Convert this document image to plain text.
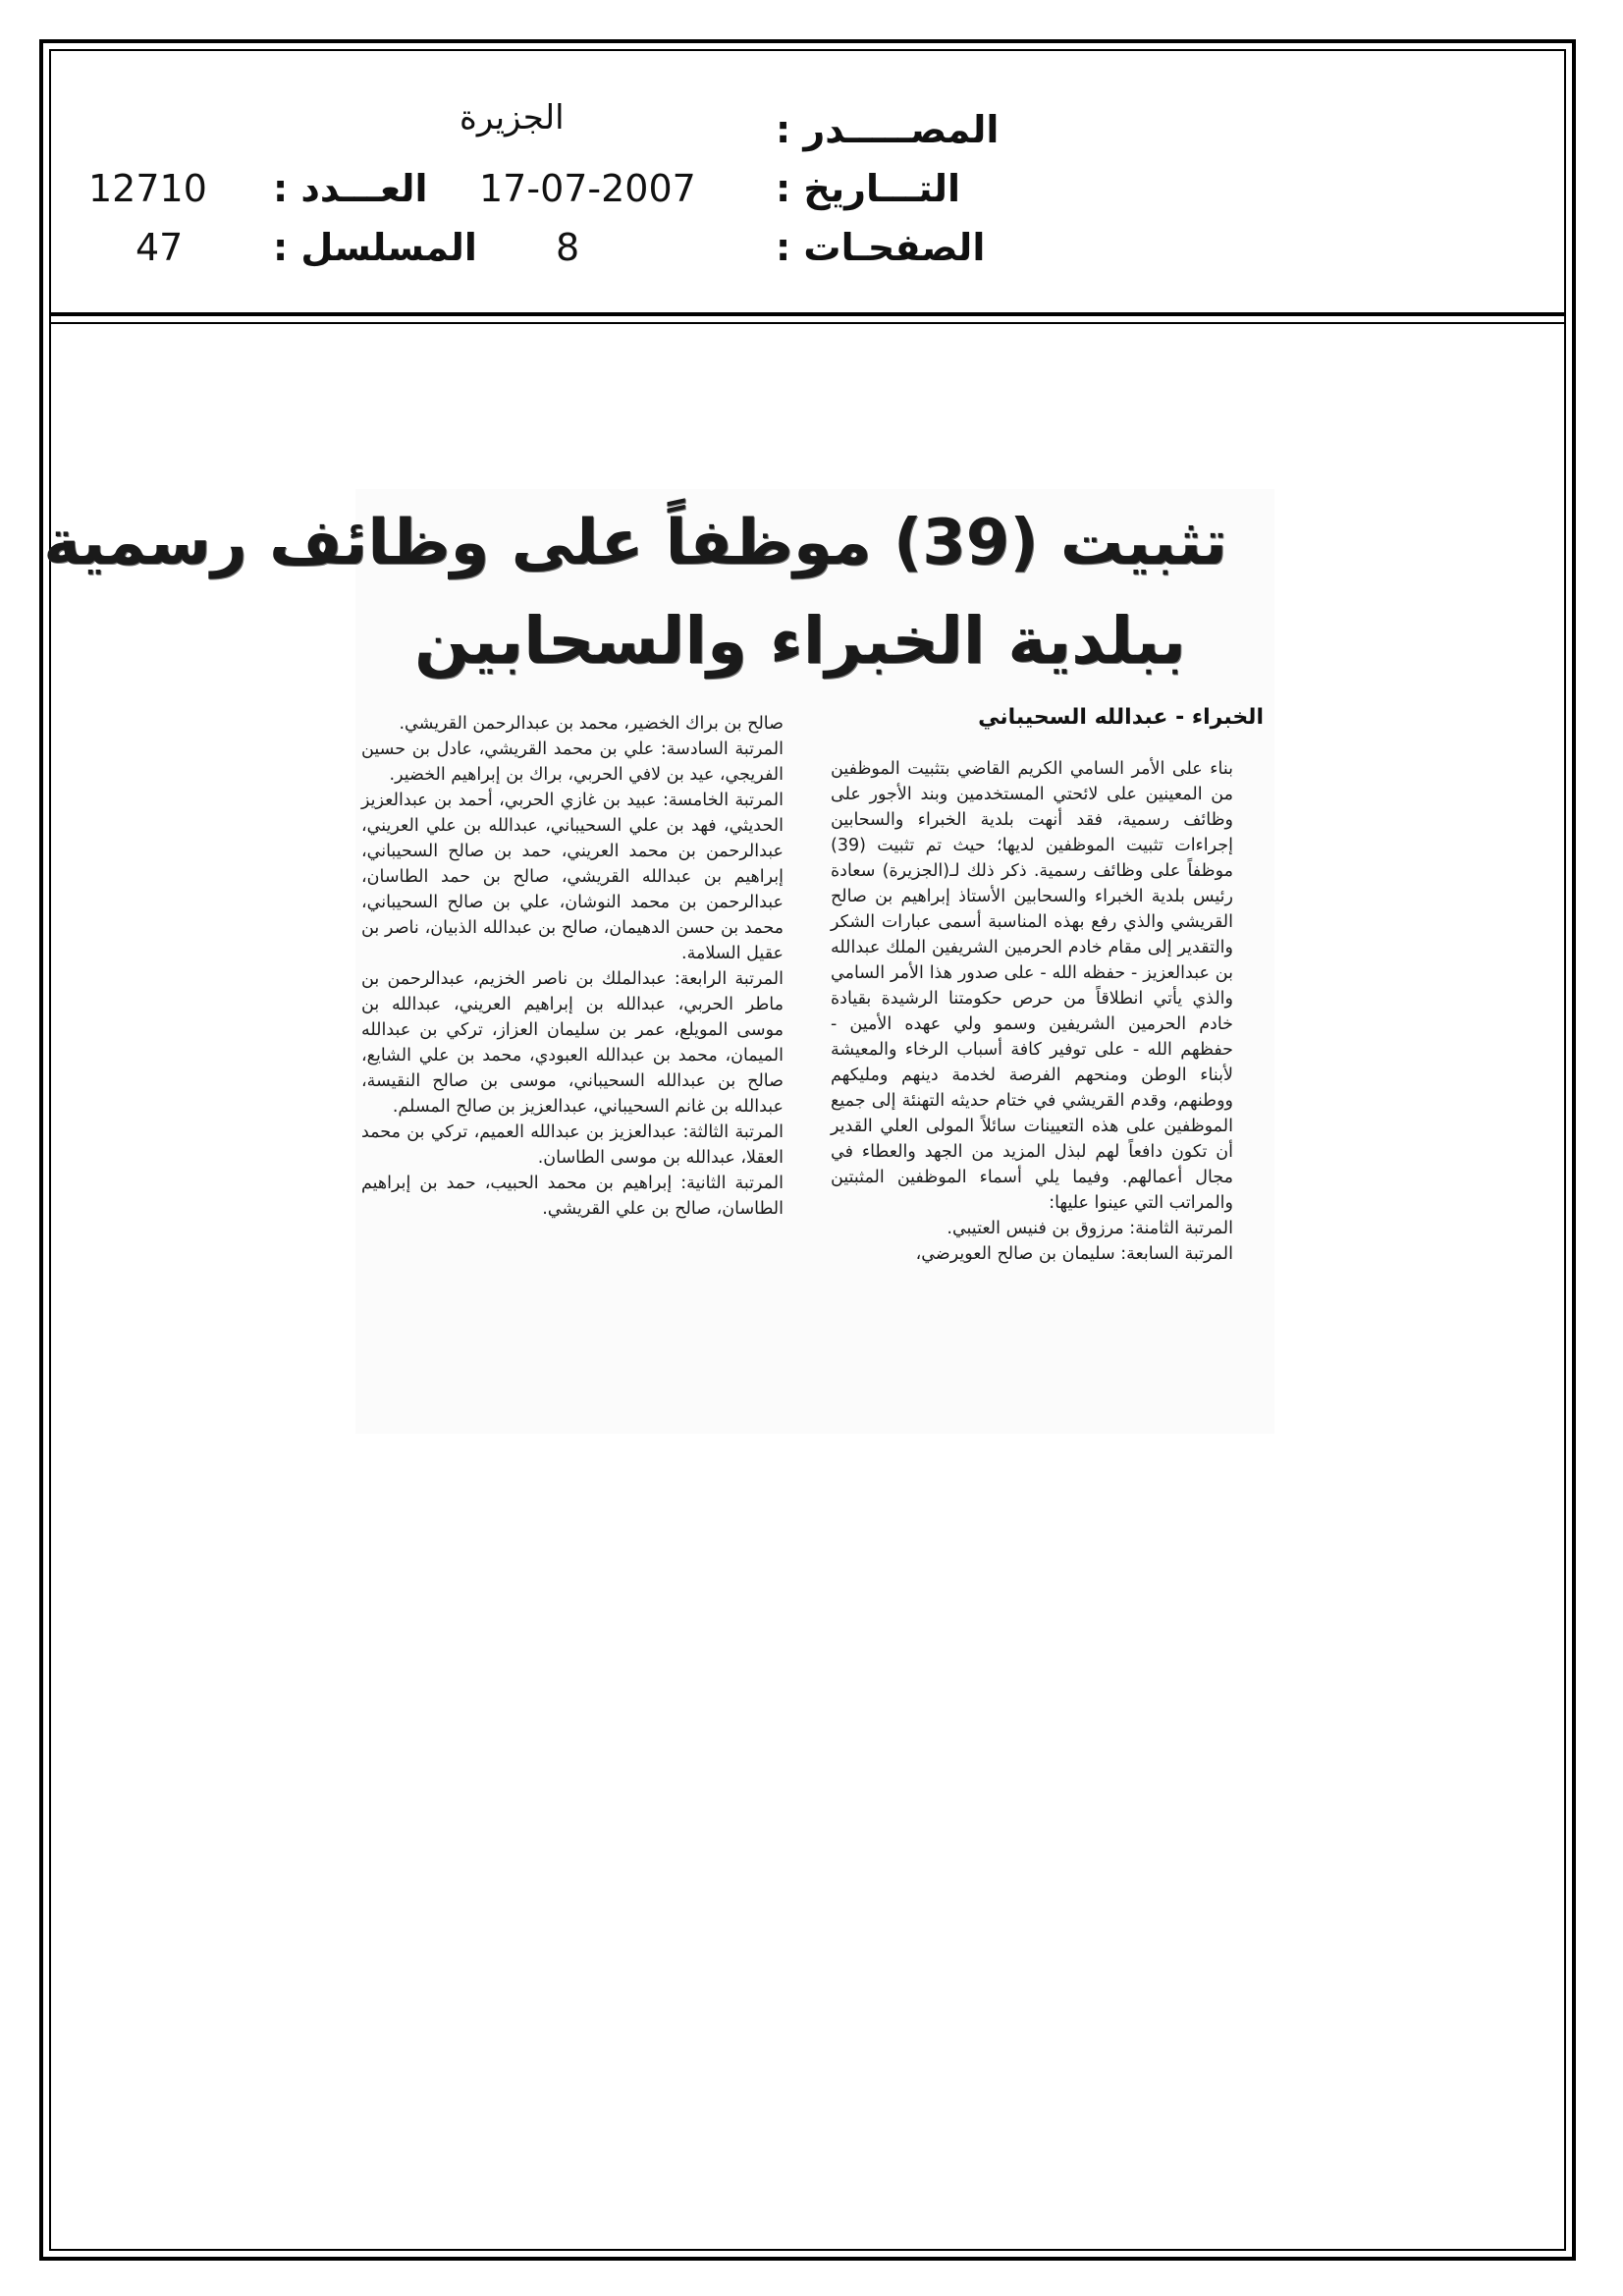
الجزيرة	المصـــــدر :
17-07-2007 التـــاريخ :
12710 العـــدد :
8	الصفحـات :
47 المسلسل :
تثبيت (39) موظفاً على وظائف رسمية
ببلدية الخبراء والسحابين
الخبراء - عبدالله السحيباني

بناء على الأمر السامي الكريم القاضي بتثبيت الموظفين من المعينين على لائحتي المستخدمين وبند الأجور على وظائف رسمية، فقد أنهت بلدية الخبراء والسحابين إجراءات تثبيت الموظفين لديها؛ حيث تم تثبيت (39) موظفاً على وظائف رسمية. ذكر ذلك لـ(الجزيرة) سعادة رئيس بلدية الخبراء والسحابين الأستاذ إبراهيم بن صالح القريشي والذي رفع بهذه المناسبة أسمى عبارات الشكر والتقدير إلى مقام خادم الحرمين الشريفين الملك عبدالله بن عبدالعزيز - حفظه الله - على صدور هذا الأمر السامي والذي يأتي انطلاقاً من حرص حكومتنا الرشيدة بقيادة خادم الحرمين الشريفين وسمو ولي عهده الأمين - حفظهم الله - على توفير كافة أسباب الرخاء والمعيشة لأبناء الوطن ومنحهم الفرصة لخدمة دينهم ومليكهم ووطنهم، وقدم القريشي في ختام حديثه التهنئة إلى جميع الموظفين على هذه التعيينات سائلاً المولى العلي القدير أن تكون دافعاً لهم لبذل المزيد من الجهد والعطاء في مجال أعمالهم. وفيما يلي أسماء الموظفين المثبتين والمراتب التي عينوا عليها:

المرتبة الثامنة: مرزوق بن فنيس العتيبي.

المرتبة السابعة: سليمان بن صالح العويرضي،

صالح بن براك الخضير، محمد بن عبدالرحمن القريشي.

المرتبة السادسة: علي بن محمد القريشي، عادل بن حسين الفريجي، عيد بن لافي الحربي، براك بن إبراهيم الخضير.

المرتبة الخامسة: عبيد بن غازي الحربي، أحمد بن عبدالعزيز الحديثي، فهد بن علي السحيباني، عبدالله بن علي العريني، عبدالرحمن بن محمد العريني، حمد بن صالح السحيباني، إبراهيم بن عبدالله القريشي، صالح بن حمد الطاسان، عبدالرحمن بن محمد النوشان، علي بن صالح السحيباني، محمد بن حسن الدهيمان، صالح بن عبدالله الذبيان، ناصر بن عقيل السلامة.

المرتبة الرابعة: عبدالملك بن ناصر الخزيم، عبدالرحمن بن ماطر الحربي، عبدالله بن إبراهيم العريني، عبدالله بن موسى المويلع، عمر بن سليمان العزاز، تركي بن عبدالله الميمان، محمد بن عبدالله العبودي، محمد بن علي الشايع، صالح بن عبدالله السحيباني، موسى بن صالح النقيسة، عبدالله بن غانم السحيباني، عبدالعزيز بن صالح المسلم.

المرتبة الثالثة: عبدالعزيز بن عبدالله العميم، تركي بن محمد العقلا، عبدالله بن موسى الطاسان.

المرتبة الثانية: إبراهيم بن محمد الحبيب، حمد بن إبراهيم الطاسان، صالح بن علي القريشي.
